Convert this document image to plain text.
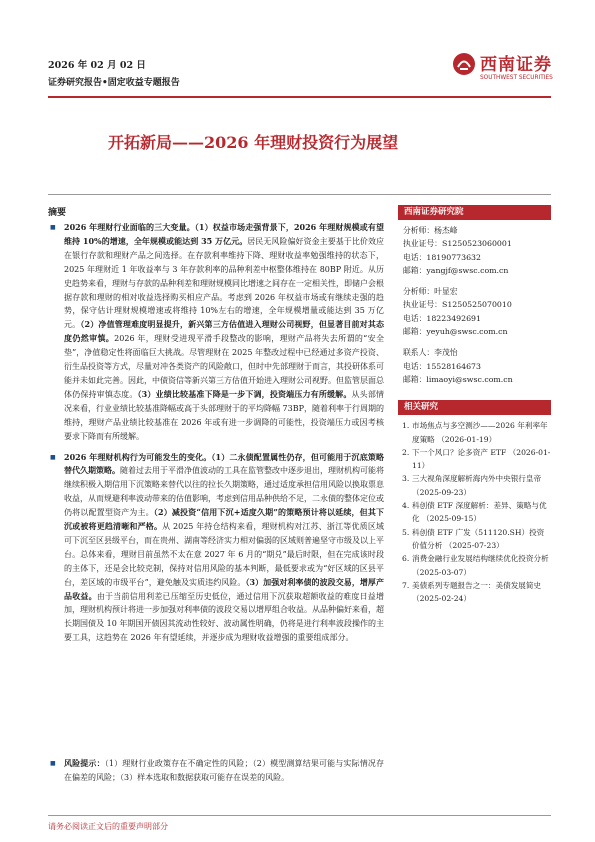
2026 年 02 月 02 日
证券研究报告•固定收益专题报告
西南证券
SOUTHWEST SECURITIES
开拓新局——2026 年理财投资行为展望
摘要

■ 2026 年理财行业面临的三大变量。（1）权益市场走强背景下，2026 年理财规模或有望维持 10%的增速，全年规模或能达到 35 万亿元。居民无风险偏好资金主要基于比价效应在银行存款和理财产品之间选择。在存款利率维持下降、理财收益率勉强维持的状态下，2025 年理财近 1 年收益率与 3 年存款利率的品种利差中枢整体维持在 80BP 附近。从历史趋势来看，理财与存款的品种利差和理财规模同比增速之间存在一定相关性，即储户会根据存款和理财的相对收益选择购买相应产品。考虑到 2026 年权益市场或有继续走强的趋势，保守估计理财规模增速或将维持 10%左右的增速，全年规模增量或能达到 35 万亿元。（2）净值管理难度明显提升，新兴第三方估值进入理财公司视野，但显著目前对其态度仍然审慎。2026 年，理财受进现平滑手段整改的影响，理财产品将失去所谓的“安全垫”，净值稳定性将面临巨大挑战。尽管理财在 2025 年整改过程中已经通过多资产投资、衍生品投资等方式，尽量对冲各类资产的风险敞口，但时中先部理财于而言，其投研体系可能并未如此完善。因此，中债资信等新兴第三方估值开始进入理财公司视野。但监管层面总体仍保持审慎态度。（3）业绩比较基准下降是一步下调，投资端压力有所缓解。从头部情况来看，行业业绩比较基准降幅或高于头部理财于的平均降幅 73BP，随着利率于行周期的维持，理财产品业绩比较基准在 2026 年或有进一步调降的可能性，投资端压力或因考核要求下降而有所缓解。

■ 2026 年理财机构行为可能发生的变化。（1）二永债配置属性仍存，但可能用于沉底策略替代久期策略。随着过去用于平滑净值波动的工具在监管整改中逐步退出，理财机构可能将继续积极入期信用下沉策略来替代以往的拉长久期策略，通过适度承担信用风险以换取票息收益，从而规避利率波动带来的估值影响，考虑到信用品种供给不足，二永债的整体定位或仍将以配置型资产为主。（2）减投资“信用下沉+适度久期”的策略预计将以延续，但其下沉或被将更趋清晰和严格。从 2025 年持仓结构来看，理财机构对江苏、浙江等优质区域可下沉至区县级平台，而在贵州、湖南等经济实力相对偏弱的区域则普遍坚守市级及以上平台。总体来看，理财目前虽然不太在意 2027 年 6 月的“期兑”最后时限，但在完成该时段的主体下，还是会比较克制，保持对信用风险的基本判断，最低要求或为“好区域的区县平台，差区域的市级平台”，避免触及实质违约风险。（3）加强对利率债的波段交易，增厚产品收益。由于当前信用利差已压缩至历史低位，通过信用下沉获取超额收益的难度日益增加，理财机构预计将进一步加强对利率债的波段交易以增厚组合收益。从品种偏好来看，超长期国债及 10 年期国开债因其流动性较好、波动属性明确，仍将是进行利率波段操作的主要工具，这趋势在 2026 年有望延续，并逐步成为理财收益增强的重要组成部分。

■ 风险提示：（1）理财行业政策存在不确定性的风险；（2）模型测算结果可能与实际情况存在偏差的风险；（3）样本选取和数据获取可能存在误差的风险。

请务必阅读正文后的重要声明部分
西南证券研究院
分析师：杨杰峰
执业证号：S1250523060001
电话：18190773632
邮箱：yangjf@swsc.com.cn
分析师：叶显宏
执业证号：S1250525070010
电话：18223492691
邮箱：yeyuh@swsc.com.cn
联系人：李茂怡
电话：15528164673
邮箱：limaoyi@swsc.com.cn
相关研究
1. 市场焦点与多空测沙——2026 年利率年度策略 （2026-01-19）
2. 下一个风口？论多资产 ETF （2026-01-11）
3. 三大视角深度解析海内外中央银行皇帝 （2025-09-23）
4. 科创债 ETF 深度解析：差异、策略与优化 （2025-09-15）
5. 科创债 ETF 广发（511120.SH）投资价值分析 （2025-07-23）
6. 消费金融行业发展结构继续优化投资分析 （2025-03-07）
7. 美债系列专题报告之一：美债发展简史 （2025-02-24）
